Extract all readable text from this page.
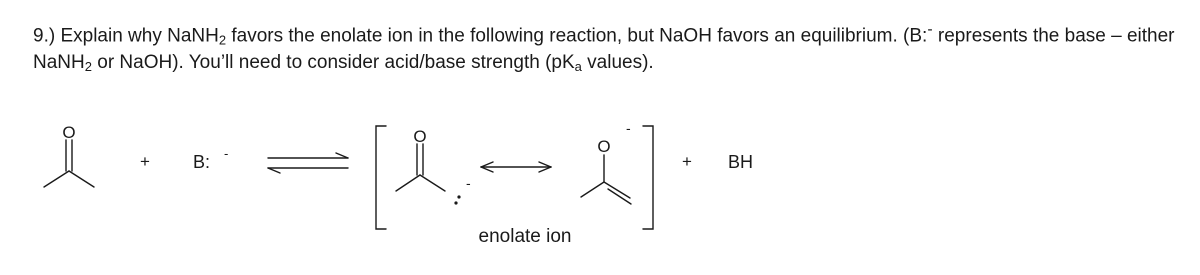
9.) Explain why NaNH$_2$ favors the enolate ion in the following reaction, but NaOH favors an equilibrium. (B:- represents the base – either NaNH$_2$ or NaOH). You’ll need to consider acid/base strength ($pK_a$ values).

O
+ B: -
O
-
O
-
enolate ion
+ BH
